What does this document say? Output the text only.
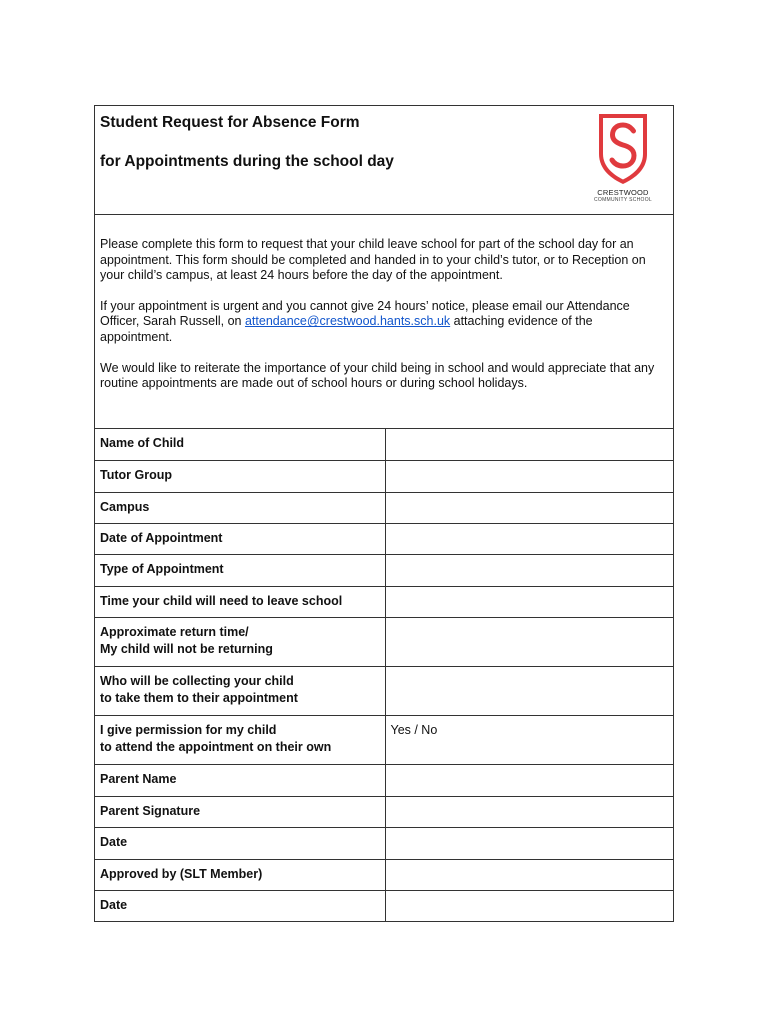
Student Request for Absence Form
for Appointments during the school day
CRESTWOOD
COMMUNITY SCHOOL

Please complete this form to request that your child leave school for part of the school day for an appointment. This form should be completed and handed in to your child’s tutor, or to Reception on your child’s campus, at least 24 hours before the day of the appointment.

If your appointment is urgent and you cannot give 24 hours’ notice, please email our Attendance Officer, Sarah Russell, on attendance@crestwood.hants.sch.uk attaching evidence of the appointment.

We would like to reiterate the importance of your child being in school and would appreciate that any routine appointments are made out of school hours or during school holidays.

Name of Child	
Tutor Group	
Campus	
Date of Appointment	
Type of Appointment	
Time your child will need to leave school	
Approximate return time/
My child will not be returning	
Who will be collecting your child
to take them to their appointment	
I give permission for my child
to attend the appointment on their own	Yes / No
Parent Name	
Parent Signature	
Date	
Approved by (SLT Member)	
Date	
